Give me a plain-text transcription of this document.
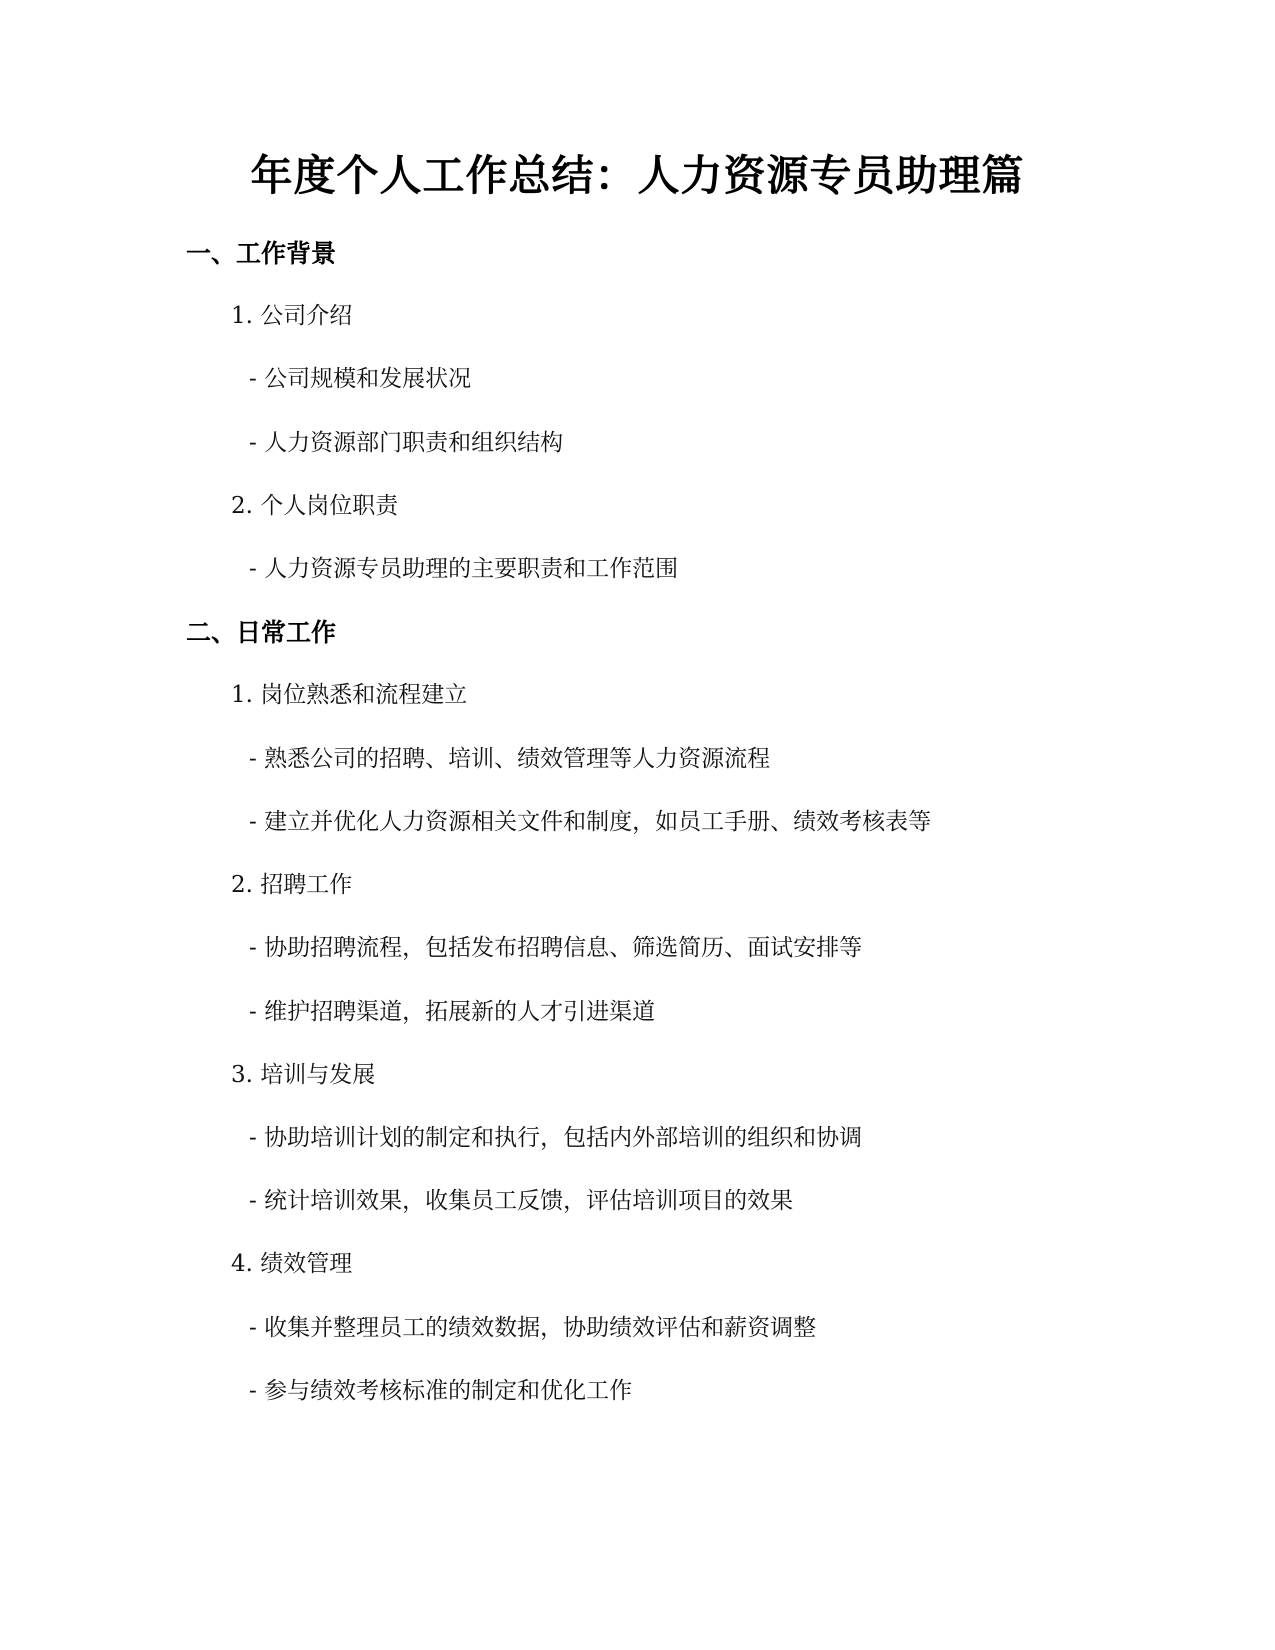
年度个人工作总结：人力资源专员助理篇
一、工作背景
1. 公司介绍
- 公司规模和发展状况
- 人力资源部门职责和组织结构
2. 个人岗位职责
- 人力资源专员助理的主要职责和工作范围
二、日常工作
1. 岗位熟悉和流程建立
- 熟悉公司的招聘、培训、绩效管理等人力资源流程
- 建立并优化人力资源相关文件和制度，如员工手册、绩效考核表等
2. 招聘工作
- 协助招聘流程，包括发布招聘信息、筛选简历、面试安排等
- 维护招聘渠道，拓展新的人才引进渠道
3. 培训与发展
- 协助培训计划的制定和执行，包括内外部培训的组织和协调
- 统计培训效果，收集员工反馈，评估培训项目的效果
4. 绩效管理
- 收集并整理员工的绩效数据，协助绩效评估和薪资调整
- 参与绩效考核标准的制定和优化工作
